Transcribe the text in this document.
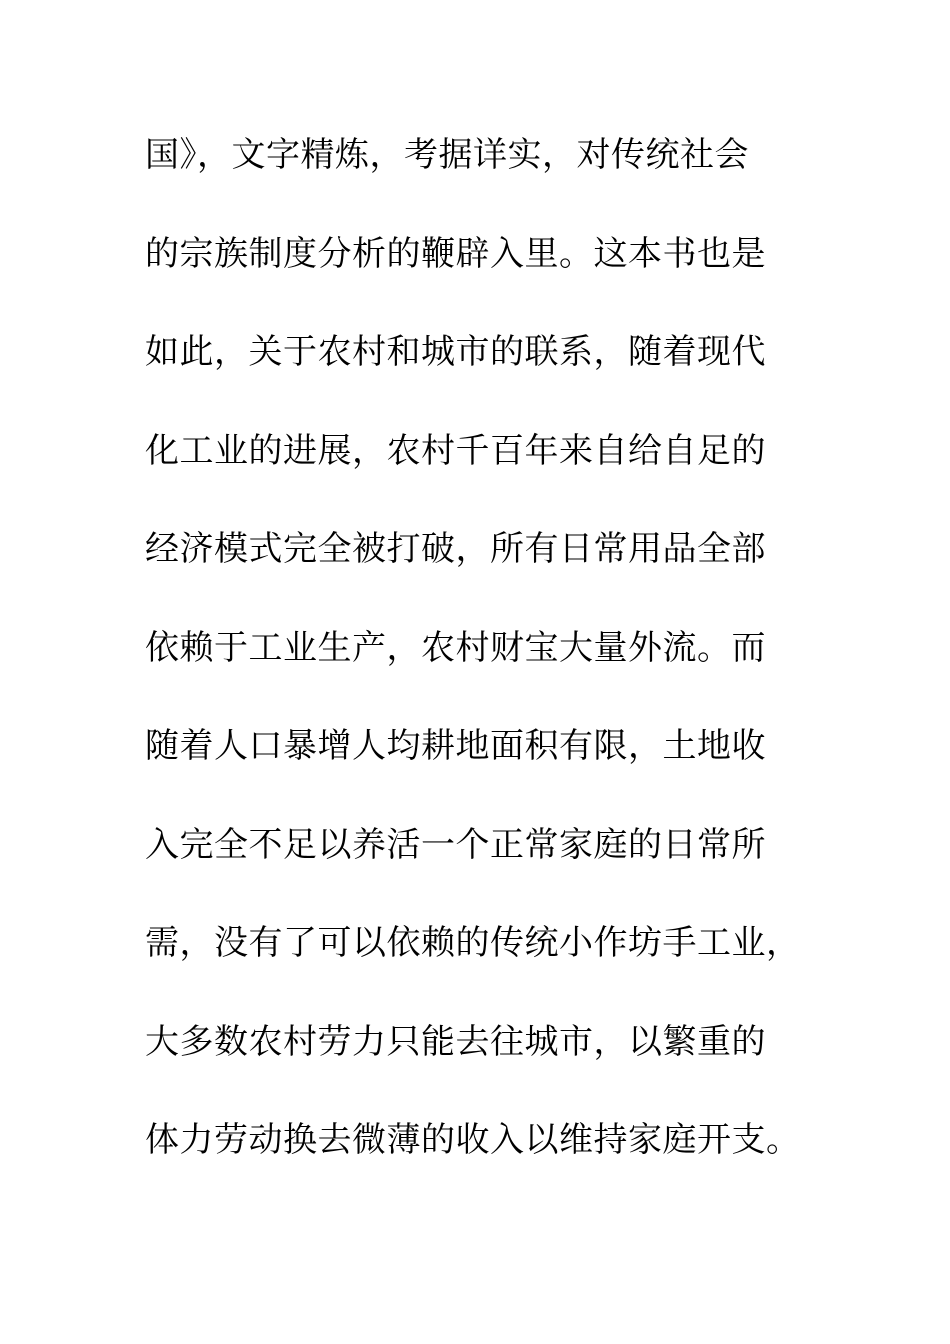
国》，文字精炼，考据详实，对传统社会
的宗族制度分析的鞭辟入里。这本书也是
如此，关于农村和城市的联系，随着现代
化工业的进展，农村千百年来自给自足的
经济模式完全被打破，所有日常用品全部
依赖于工业生产，农村财宝大量外流。而
随着人口暴增人均耕地面积有限，土地收
入完全不足以养活一个正常家庭的日常所
需，没有了可以依赖的传统小作坊手工业，
大多数农村劳力只能去往城市，以繁重的
体力劳动换去微薄的收入以维持家庭开支。
